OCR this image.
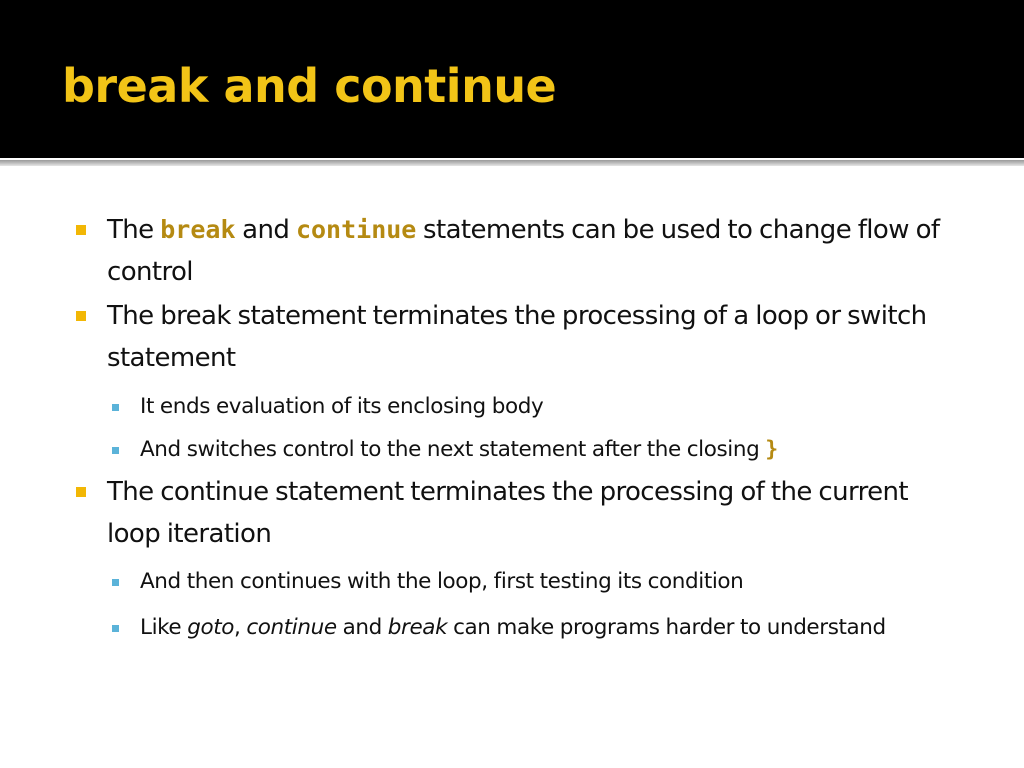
break and continue
The break and continue statements can be used to change flow of control
The break statement terminates the processing of a loop or switch statement
It ends evaluation of its enclosing body
And switches control to the next statement after the closing }
The continue statement terminates the processing of the current loop iteration
And then continues with the loop, first testing its condition
Like goto, continue and break can make programs harder to understand
